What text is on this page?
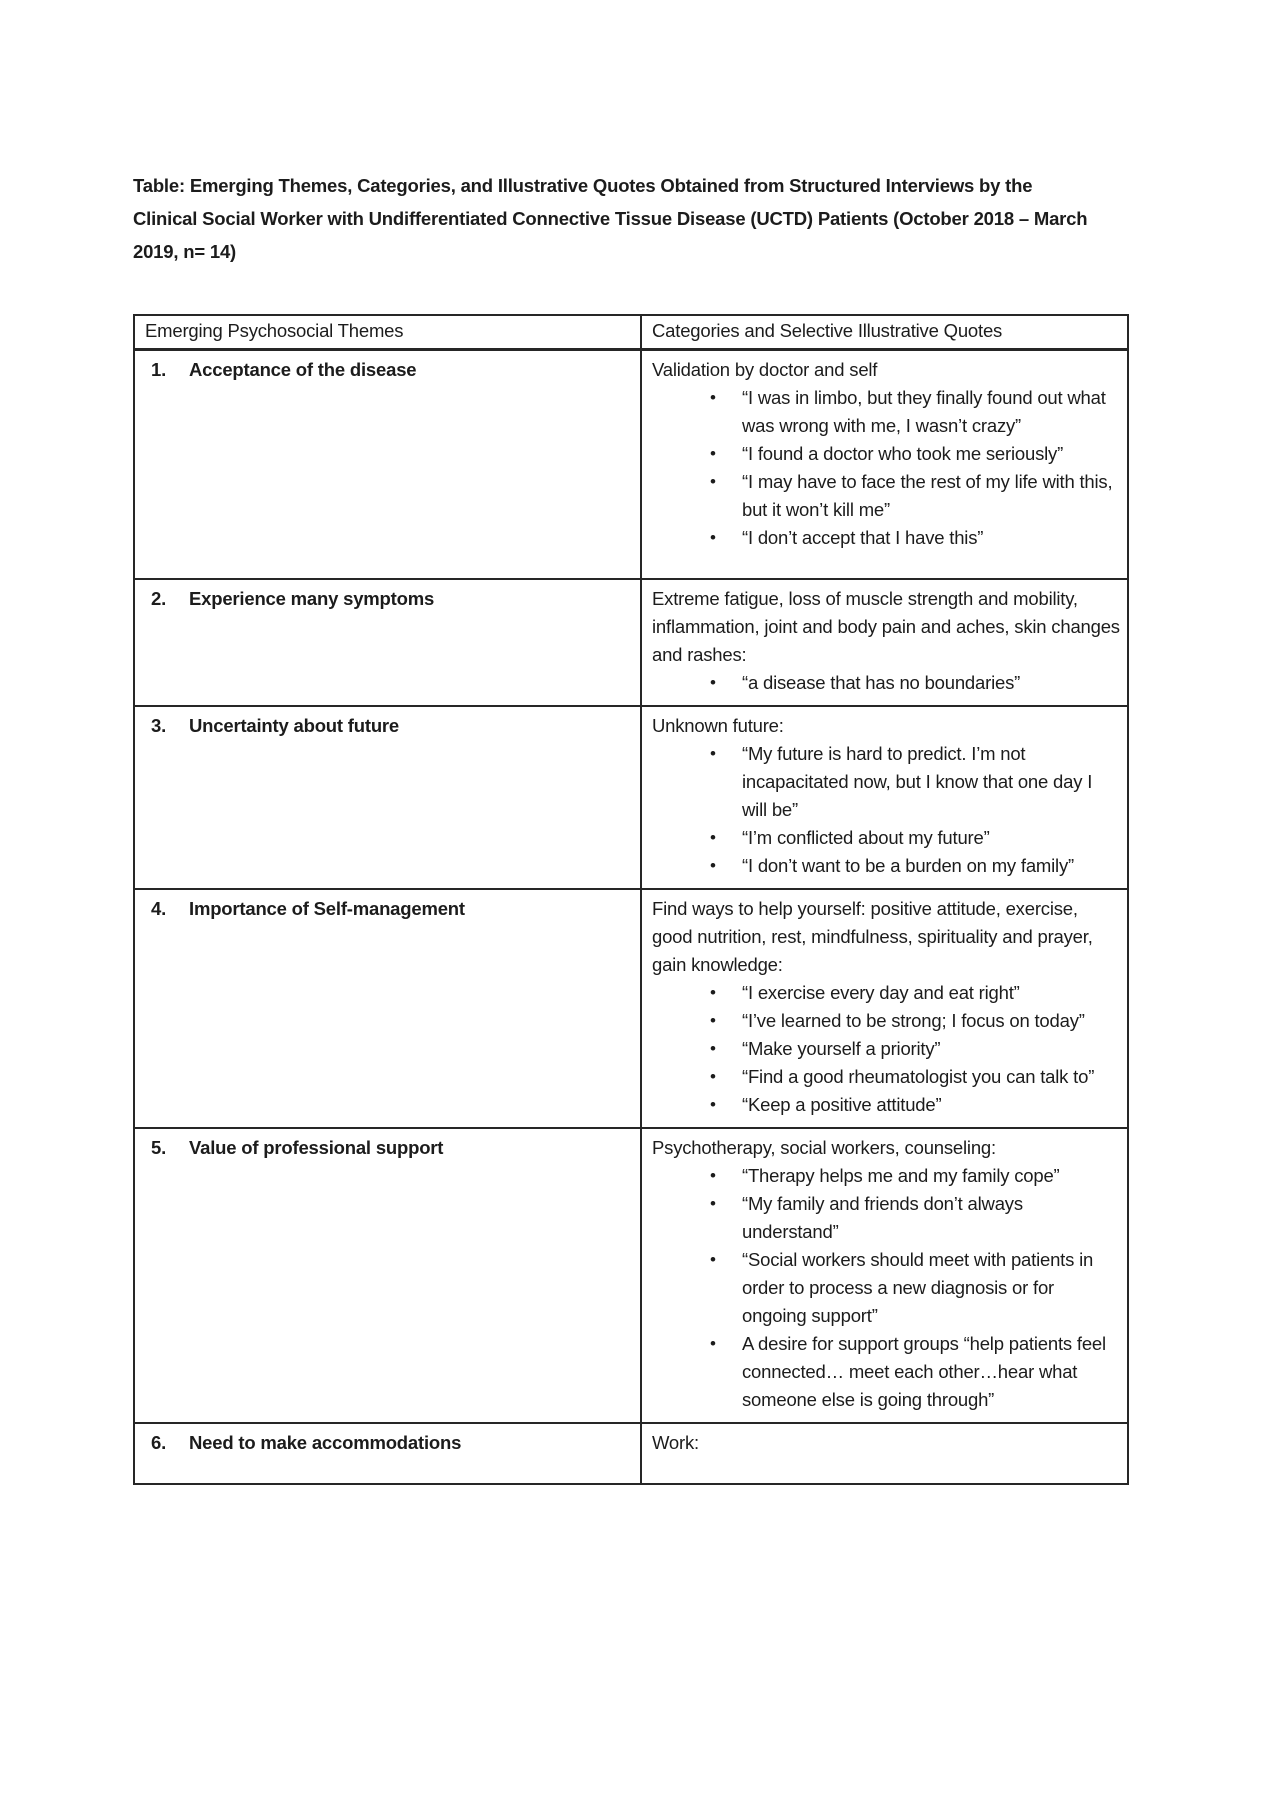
Table: Emerging Themes, Categories, and Illustrative Quotes Obtained from Structured Interviews by the Clinical Social Worker with Undifferentiated Connective Tissue Disease (UCTD) Patients (October 2018 – March 2019, n= 14)

Emerging Psychosocial Themes	Categories and Selective Illustrative Quotes
1. Acceptance of the disease	Validation by doctor and self
• “I was in limbo, but they finally found out what was wrong with me, I wasn’t crazy”
• “I found a doctor who took me seriously”
• “I may have to face the rest of my life with this, but it won’t kill me”
• “I don’t accept that I have this”

2. Experience many symptoms	Extreme fatigue, loss of muscle strength and mobility, inflammation, joint and body pain and aches, skin changes and rashes:
• “a disease that has no boundaries”

3. Uncertainty about future	Unknown future:
• “My future is hard to predict. I’m not incapacitated now, but I know that one day I will be”
• “I’m conflicted about my future”
• “I don’t want to be a burden on my family”

4. Importance of Self-management	Find ways to help yourself: positive attitude, exercise, good nutrition, rest, mindfulness, spirituality and prayer, gain knowledge:
• “I exercise every day and eat right”
• “I’ve learned to be strong; I focus on today”
• “Make yourself a priority”
• “Find a good rheumatologist you can talk to”
• “Keep a positive attitude”

5. Value of professional support	Psychotherapy, social workers, counseling:
• “Therapy helps me and my family cope”
• “My family and friends don’t always understand”
• “Social workers should meet with patients in order to process a new diagnosis or for ongoing support”
• A desire for support groups “help patients feel connected… meet each other…hear what someone else is going through”

6. Need to make accommodations	Work:
